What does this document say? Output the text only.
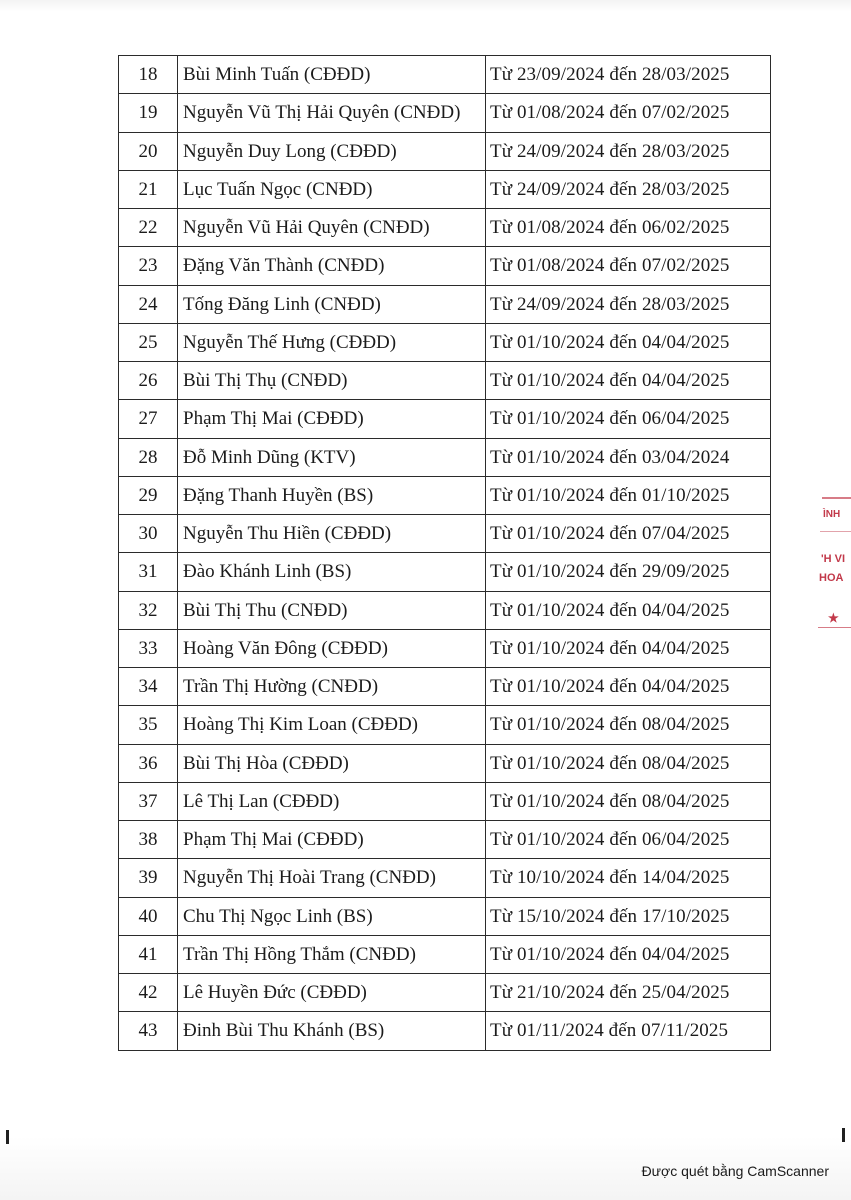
18	Bùi Minh Tuấn (CĐĐD)	Từ 23/09/2024 đến 28/03/2025
19	Nguyễn Vũ Thị Hải Quyên (CNĐD)	Từ 01/08/2024 đến 07/02/2025
20	Nguyễn Duy Long (CĐĐD)	Từ 24/09/2024 đến 28/03/2025
21	Lục Tuấn Ngọc (CNĐD)	Từ 24/09/2024 đến 28/03/2025
22	Nguyễn Vũ Hải Quyên (CNĐD)	Từ 01/08/2024 đến 06/02/2025
23	Đặng Văn Thành (CNĐD)	Từ 01/08/2024 đến 07/02/2025
24	Tống Đăng Linh (CNĐD)	Từ 24/09/2024 đến 28/03/2025
25	Nguyễn Thế Hưng (CĐĐD)	Từ 01/10/2024 đến 04/04/2025
26	Bùi Thị Thụ (CNĐD)	Từ 01/10/2024 đến 04/04/2025
27	Phạm Thị Mai (CĐĐD)	Từ 01/10/2024 đến 06/04/2025
28	Đỗ Minh Dũng (KTV)	Từ 01/10/2024 đến 03/04/2024
29	Đặng Thanh Huyền (BS)	Từ 01/10/2024 đến 01/10/2025
30	Nguyễn Thu Hiền (CĐĐD)	Từ 01/10/2024 đến 07/04/2025
31	Đào Khánh Linh (BS)	Từ 01/10/2024 đến 29/09/2025
32	Bùi Thị Thu (CNĐD)	Từ 01/10/2024 đến 04/04/2025
33	Hoàng Văn Đông (CĐĐD)	Từ 01/10/2024 đến 04/04/2025
34	Trần Thị Hường (CNĐD)	Từ 01/10/2024 đến 04/04/2025
35	Hoàng Thị Kim Loan (CĐĐD)	Từ 01/10/2024 đến 08/04/2025
36	Bùi Thị Hòa (CĐĐD)	Từ 01/10/2024 đến 08/04/2025
37	Lê Thị Lan (CĐĐD)	Từ 01/10/2024 đến 08/04/2025
38	Phạm Thị Mai (CĐĐD)	Từ 01/10/2024 đến 06/04/2025
39	Nguyễn Thị Hoài Trang (CNĐD)	Từ 10/10/2024 đến 14/04/2025
40	Chu Thị Ngọc Linh (BS)	Từ 15/10/2024 đến 17/10/2025
41	Trần Thị Hồng Thắm (CNĐD)	Từ 01/10/2024 đến 04/04/2025
42	Lê Huyền Đức (CĐĐD)	Từ 21/10/2024 đến 25/04/2025
43	Đinh Bùi Thu Khánh (BS)	Từ 01/11/2024 đến 07/11/2025
ÌNH
'H VI
HOA
★
Được quét bằng CamScanner
